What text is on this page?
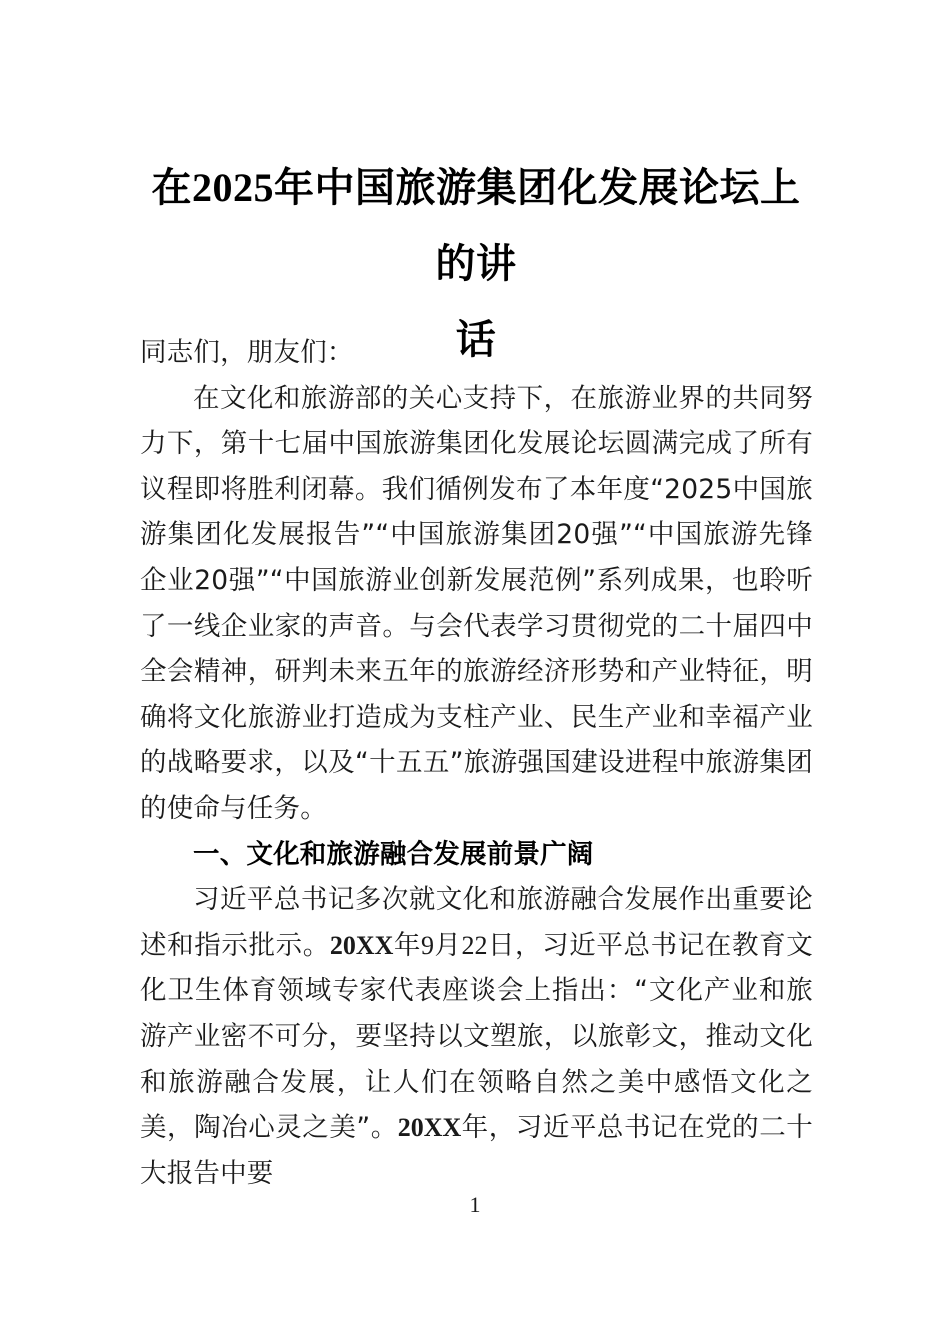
在2025年中国旅游集团化发展论坛上的讲
话

同志们，朋友们：

在文化和旅游部的关心支持下，在旅游业界的共同努力下，第十七届中国旅游集团化发展论坛圆满完成了所有议程即将胜利闭幕。我们循例发布了本年度“2025中国旅游集团化发展报告”“中国旅游集团20强”“中国旅游先锋企业20强”“中国旅游业创新发展范例”系列成果，也聆听了一线企业家的声音。与会代表学习贯彻党的二十届四中全会精神，研判未来五年的旅游经济形势和产业特征，明确将文化旅游业打造成为支柱产业、民生产业和幸福产业的战略要求，以及“十五五”旅游强国建设进程中旅游集团的使命与任务。

一、文化和旅游融合发展前景广阔

习近平总书记多次就文化和旅游融合发展作出重要论述和指示批示。20XX年9月22日，习近平总书记在教育文化卫生体育领域专家代表座谈会上指出：“文化产业和旅游产业密不可分，要坚持以文塑旅，以旅彰文，推动文化和旅游融合发展，让人们在领略自然之美中感悟文化之美，陶冶心灵之美”。20XX年，习近平总书记在党的二十大报告中要

1
